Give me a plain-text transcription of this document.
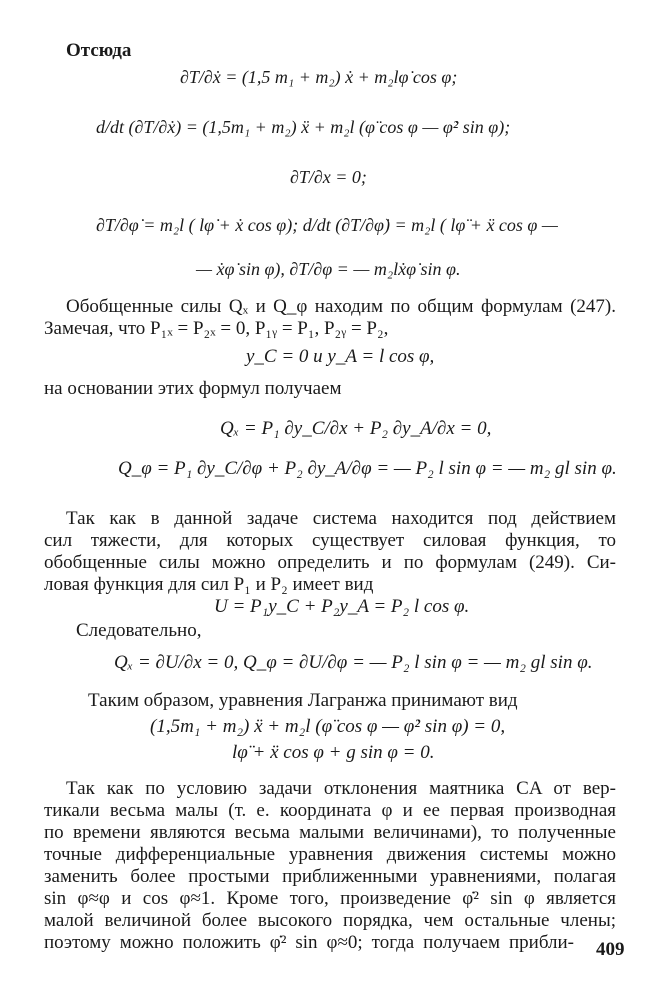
Отсюда
∂T/∂ẋ = (1,5 m₁ + m₂) ẋ + m₂lφ̇ cos φ;
d/dt (∂T/∂ẋ) = (1,5m₁ + m₂) ẍ + m₂l (φ̈ cos φ — φ̇² sin φ);
∂T/∂x = 0;
∂T/∂φ̇ = m₂l ( lφ̇ + ẋ cos φ); d/dt (∂T/∂φ̇) = m₂l ( lφ̈ + ẍ cos φ —
— ẋφ̇ sin φ), ∂T/∂φ = — m₂lẋφ̇ sin φ.
Обобщенные силы Qₓ и Q_φ находим по общим формулам (247).
Замечая, что P₁ₓ = P₂ₓ = 0, P₁ᵧ = P₁, P₂ᵧ = P₂,
y_C = 0 и y_A = l cos φ,
на основании этих формул получаем
Qₓ = P₁ ∂y_C/∂x + P₂ ∂y_A/∂x = 0,
Q_φ = P₁ ∂y_C/∂φ + P₂ ∂y_A/∂φ = — P₂ l sin φ = — m₂ gl sin φ.
Так как в данной задаче система находится под действием
сил тяжести, для которых существует силовая функция, то
обобщенные силы можно определить и по формулам (249). Си-
ловая функция для сил P₁ и P₂ имеет вид
U = P₁y_C + P₂y_A = P₂ l cos φ.
Следовательно,
Qₓ = ∂U/∂x = 0, Q_φ = ∂U/∂φ = — P₂ l sin φ = — m₂ gl sin φ.
Таким образом, уравнения Лагранжа принимают вид
(1,5m₁ + m₂) ẍ + m₂l (φ̈ cos φ — φ̇² sin φ) = 0,
lφ̈ + ẍ cos φ + g sin φ = 0.
Так как по условию задачи отклонения маятника CA от вер-
тикали весьма малы (т. е. координата φ и ее первая производная
по времени являются весьма малыми величинами), то полученные
точные дифференциальные уравнения движения системы можно
заменить более простыми приближенными уравнениями, полагая
sin φ≈φ и cos φ≈1. Кроме того, произведение φ̇² sin φ является
малой величиной более высокого порядка, чем остальные члены;
поэтому можно положить φ̇² sin φ≈0; тогда получаем прибли- 409
